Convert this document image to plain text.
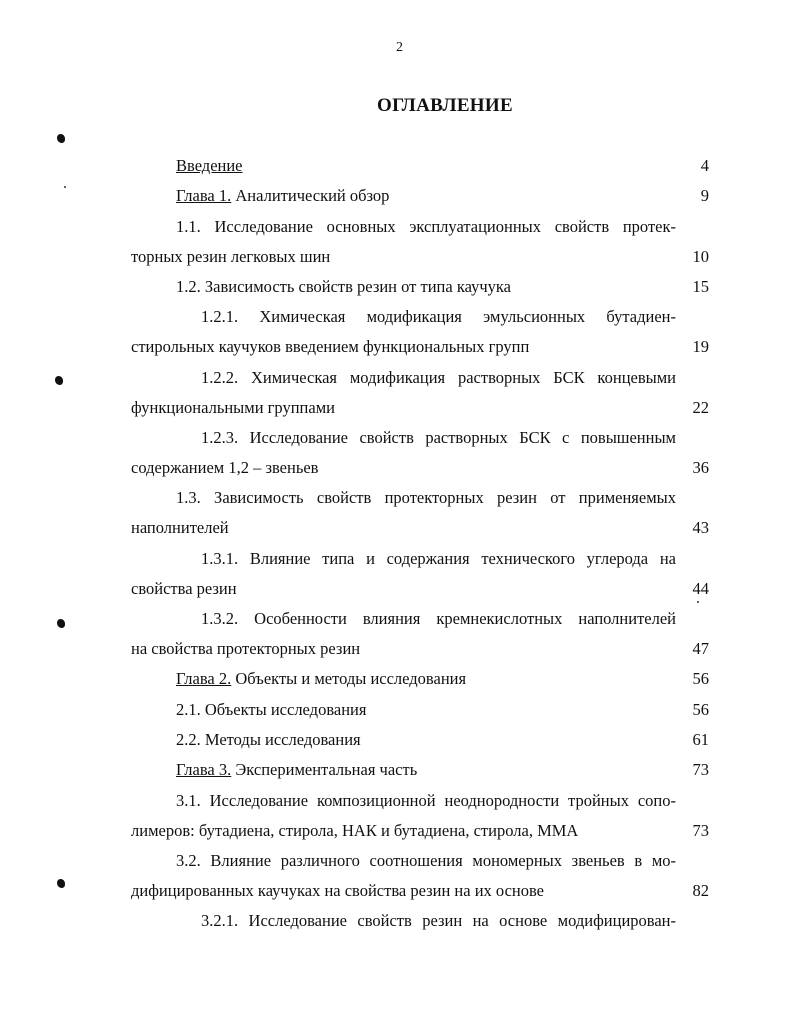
2
ОГЛАВЛЕНИЕ
Введение	4
Глава 1. Аналитический обзор	9
1.1. Исследование основных эксплуатационных свойств протек-
торных резин легковых шин	10
1.2. Зависимость свойств резин от типа каучука	15
1.2.1. Химическая модификация эмульсионных бутадиен-
стирольных каучуков введением функциональных групп	19
1.2.2. Химическая модификация растворных БСК концевыми
функциональными группами	22
1.2.3. Исследование свойств растворных БСК с повышенным
содержанием 1,2 – звеньев	36
1.3. Зависимость свойств протекторных резин от применяемых
наполнителей	43
1.3.1. Влияние типа и содержания технического углерода на
свойства резин	44
1.3.2. Особенности влияния кремнекислотных наполнителей
на свойства протекторных резин	47
Глава 2. Объекты и методы исследования	56
2.1. Объекты исследования	56
2.2. Методы исследования	61
Глава 3. Экспериментальная часть	73
3.1. Исследование композиционной неоднородности тройных сопо-
лимеров: бутадиена, стирола, НАК и бутадиена, стирола, ММА	73
3.2. Влияние различного соотношения мономерных звеньев в мо-
дифицированных каучуках на свойства резин на их основе	82
3.2.1. Исследование свойств резин на основе модифицирован-
